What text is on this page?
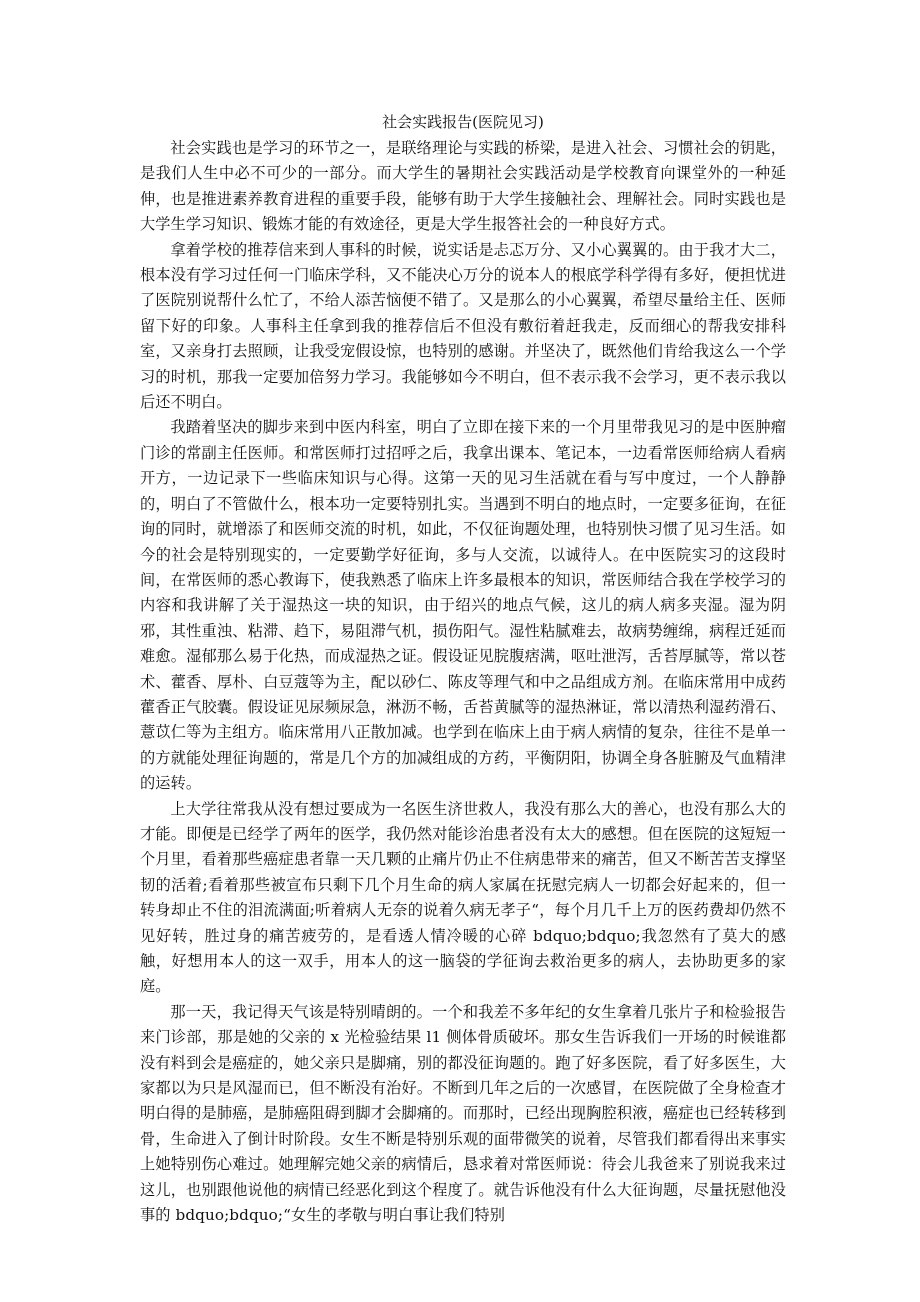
社会实践报告(医院见习)

社会实践也是学习的环节之一，是联络理论与实践的桥梁，是进入社会、习惯社会的钥匙，是我们人生中必不可少的一部分。而大学生的暑期社会实践活动是学校教育向课堂外的一种延伸，也是推进素养教育进程的重要手段，能够有助于大学生接触社会、理解社会。同时实践也是大学生学习知识、锻炼才能的有效途径，更是大学生报答社会的一种良好方式。

拿着学校的推荐信来到人事科的时候，说实话是忐忑万分、又小心翼翼的。由于我才大二，根本没有学习过任何一门临床学科，又不能决心万分的说本人的根底学科学得有多好，便担忧进了医院别说帮什么忙了，不给人添苦恼便不错了。又是那么的小心翼翼，希望尽量给主任、医师留下好的印象。人事科主任拿到我的推荐信后不但没有敷衍着赶我走，反而细心的帮我安排科室，又亲身打去照顾，让我受宠假设惊，也特别的感谢。并坚决了，既然他们肯给我这么一个学习的时机，那我一定要加倍努力学习。我能够如今不明白，但不表示我不会学习，更不表示我以后还不明白。

我踏着坚决的脚步来到中医内科室，明白了立即在接下来的一个月里带我见习的是中医肿瘤门诊的常副主任医师。和常医师打过招呼之后，我拿出课本、笔记本，一边看常医师给病人看病开方，一边记录下一些临床知识与心得。这第一天的见习生活就在看与写中度过，一个人静静的，明白了不管做什么，根本功一定要特别扎实。当遇到不明白的地点时，一定要多征询，在征询的同时，就增添了和医师交流的时机，如此，不仅征询题处理，也特别快习惯了见习生活。如今的社会是特别现实的，一定要勤学好征询，多与人交流，以诚待人。在中医院实习的这段时间，在常医师的悉心教诲下，使我熟悉了临床上许多最根本的知识，常医师结合我在学校学习的内容和我讲解了关于湿热这一块的知识，由于绍兴的地点气候，这儿的病人病多夹湿。湿为阴邪，其性重浊、粘滞、趋下，易阻滞气机，损伤阳气。湿性粘腻难去，故病势缠绵，病程迁延而难愈。湿郁那么易于化热，而成湿热之证。假设证见脘腹痞满，呕吐泄泻，舌苔厚腻等，常以苍术、藿香、厚朴、白豆蔻等为主，配以砂仁、陈皮等理气和中之品组成方剂。在临床常用中成药藿香正气胶囊。假设证见尿频尿急，淋沥不畅，舌苔黄腻等的湿热淋证，常以清热利湿药滑石、薏苡仁等为主组方。临床常用八正散加减。也学到在临床上由于病人病情的复杂，往往不是单一的方就能处理征询题的，常是几个方的加减组成的方药，平衡阴阳，协调全身各脏腑及气血精津的运转。

上大学往常我从没有想过要成为一名医生济世救人，我没有那么大的善心，也没有那么大的才能。即便是已经学了两年的医学，我仍然对能诊治患者没有太大的感想。但在医院的这短短一个月里，看着那些癌症患者靠一天几颗的止痛片仍止不住病患带来的痛苦，但又不断苦苦支撑坚韧的活着;看着那些被宣布只剩下几个月生命的病人家属在抚慰完病人一切都会好起来的，但一转身却止不住的泪流满面;听着病人无奈的说着久病无孝子“，每个月几千上万的医药费却仍然不见好转，胜过身的痛苦疲劳的，是看透人情冷暖的心碎 bdquo;bdquo;我忽然有了莫大的感触，好想用本人的这一双手，用本人的这一脑袋的学征询去救治更多的病人，去协助更多的家庭。

那一天，我记得天气该是特别晴朗的。一个和我差不多年纪的女生拿着几张片子和检验报告来门诊部，那是她的父亲的 x 光检验结果 l1 侧体骨质破坏。那女生告诉我们一开场的时候谁都没有料到会是癌症的，她父亲只是脚痛，别的都没征询题的。跑了好多医院，看了好多医生，大家都以为只是风湿而已，但不断没有治好。不断到几年之后的一次感冒，在医院做了全身检查才明白得的是肺癌，是肺癌阻碍到脚才会脚痛的。而那时，已经出现胸腔积液，癌症也已经转移到骨，生命进入了倒计时阶段。女生不断是特别乐观的面带微笑的说着，尽管我们都看得出来事实上她特别伤心难过。她理解完她父亲的病情后，恳求着对常医师说：待会儿我爸来了别说我来过这儿，也别跟他说他的病情已经恶化到这个程度了。就告诉他没有什么大征询题，尽量抚慰他没事的 bdquo;bdquo;“女生的孝敬与明白事让我们特别
